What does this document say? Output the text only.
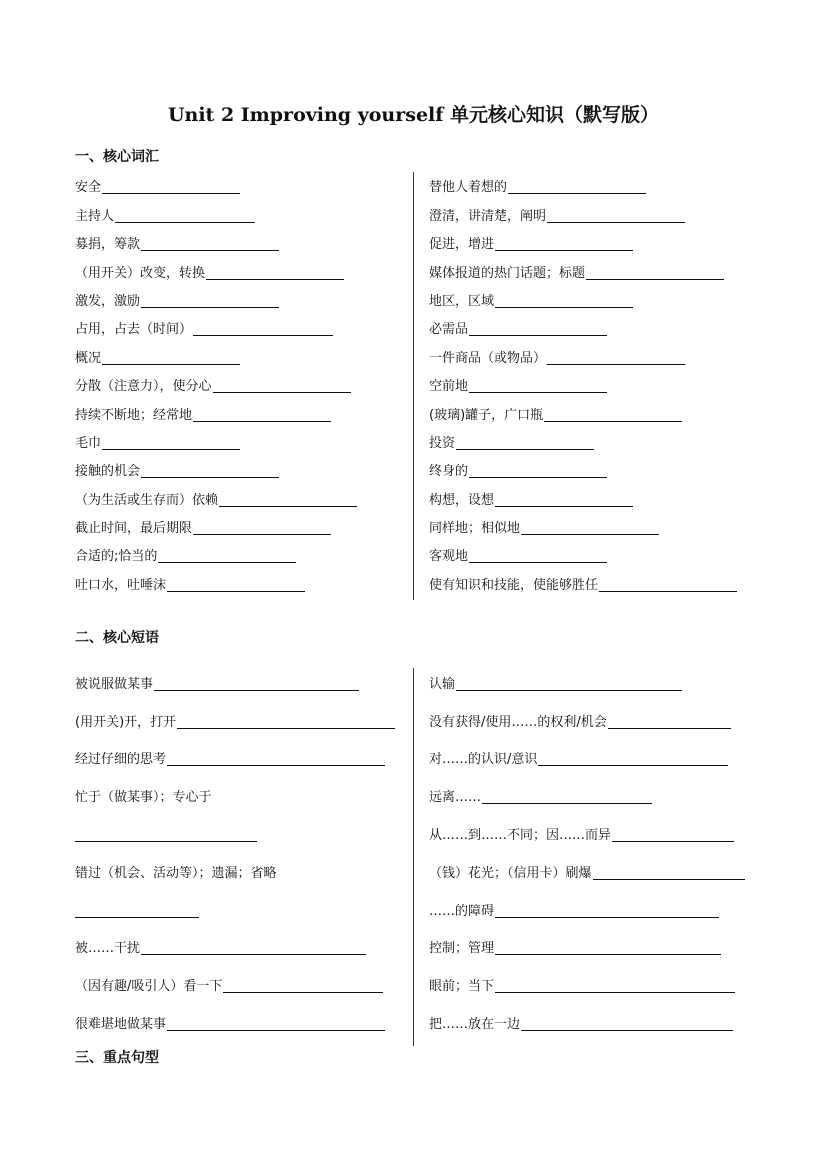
Unit 2 Improving yourself 单元核心知识（默写版）
一、核心词汇
安全
主持人
募捐，筹款
（用开关）改变，转换
激发，激励
占用，占去（时间）
概况
分散（注意力），使分心
持续不断地；经常地
毛巾
接触的机会
（为生活或生存而）依赖
截止时间，最后期限
合适的;恰当的
吐口水，吐唾沫
替他人着想的
澄清，讲清楚，阐明
促进，增进
媒体报道的热门话题；标题
地区，区域
必需品
一件商品（或物品）
空前地
(玻璃)罐子，广口瓶
投资
终身的
构想，设想
同样地；相似地
客观地
使有知识和技能，使能够胜任
二、核心短语
被说服做某事
(用开关)开，打开
经过仔细的思考
忙于（做某事）；专心于
错过（机会、活动等）；遗漏；省略
被……干扰
（因有趣/吸引人）看一下
很难堪地做某事
认输
没有获得/使用……的权利/机会
对……的认识/意识
远离……
从……到……不同；因……而异
（钱）花光；（信用卡）刷爆
……的障碍
控制；管理
眼前；当下
把……放在一边
三、重点句型
